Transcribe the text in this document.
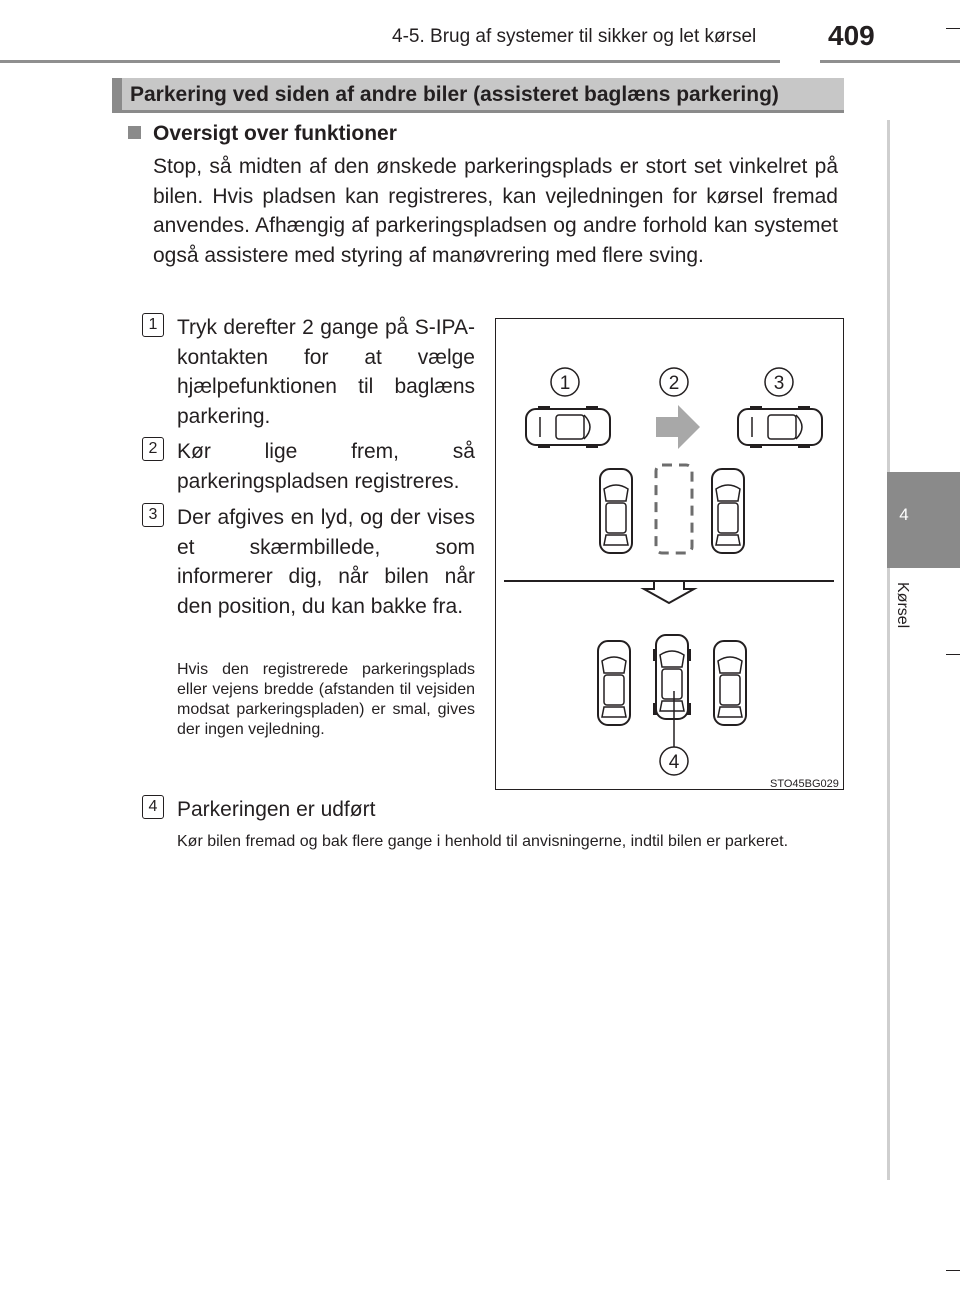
4-5. Brug af systemer til sikker og let kørsel	409
4
Kørsel
Parkering ved siden af andre biler (assisteret baglæns parkering)
Oversigt over funktioner
Stop, så midten af den ønskede parkeringsplads er stort set vinkelret på bilen. Hvis pladsen kan registreres, kan vejledningen for kørsel fremad anvendes. Afhængig af parkeringspladsen og andre forhold kan systemet også assistere med styring af manøvrering med flere sving.
1 Tryk derefter 2 gange på S-IPA-kontakten for at vælge hjælpefunktionen til baglæns parkering.
2 Kør lige frem, så parkeringspladsen registreres.
3 Der afgives en lyd, og der vises et skærmbillede, som informerer dig, når bilen når den position, du kan bakke fra.
Hvis den registrerede parkeringsplads eller vejens bredde (afstanden til vejsiden modsat parkeringspladen) er smal, gives der ingen vejledning.
4 Parkeringen er udført
Kør bilen fremad og bak flere gange i henhold til anvisningerne, indtil bilen er parkeret.
1	2	3
4
STO45BG029
